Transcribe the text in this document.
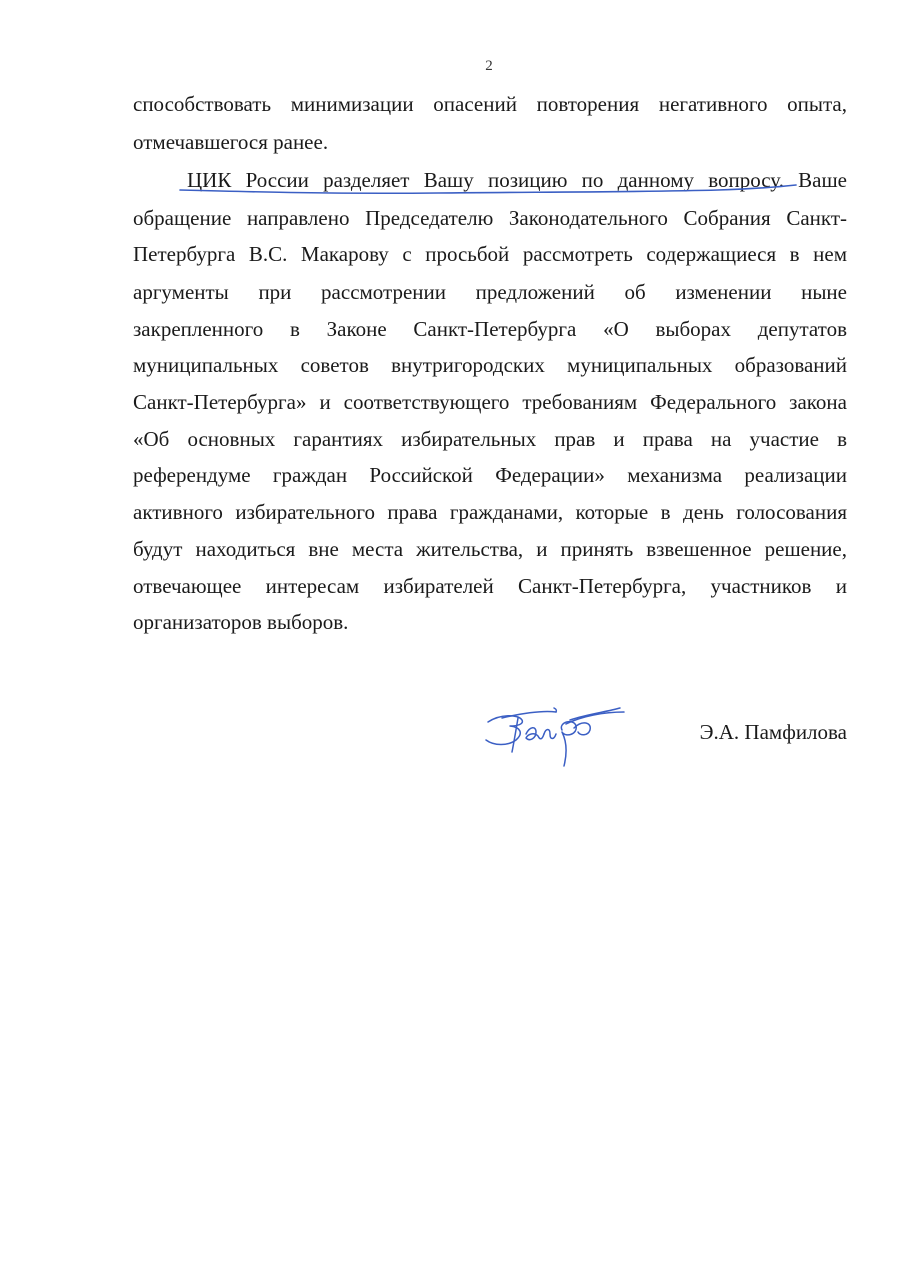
2
способствовать минимизации опасений повторения негативного опыта,
отмечавшегося ранее.
ЦИК России разделяет Вашу позицию по данному вопросу. Ваше
обращение направлено Председателю Законодательного Собрания Санкт-
Петербурга В.С. Макарову с просьбой рассмотреть содержащиеся в нем
аргументы при рассмотрении предложений об изменении ныне
закрепленного в Законе Санкт-Петербурга «О выборах депутатов
муниципальных советов внутригородских муниципальных образований
Санкт-Петербурга» и соответствующего требованиям Федерального закона
«Об основных гарантиях избирательных прав и права на участие в
референдуме граждан Российской Федерации» механизма реализации
активного избирательного права гражданами, которые в день голосования
будут находиться вне места жительства, и принять взвешенное решение,
отвечающее интересам избирателей Санкт-Петербурга, участников и
организаторов выборов.
Э.А. Памфилова
